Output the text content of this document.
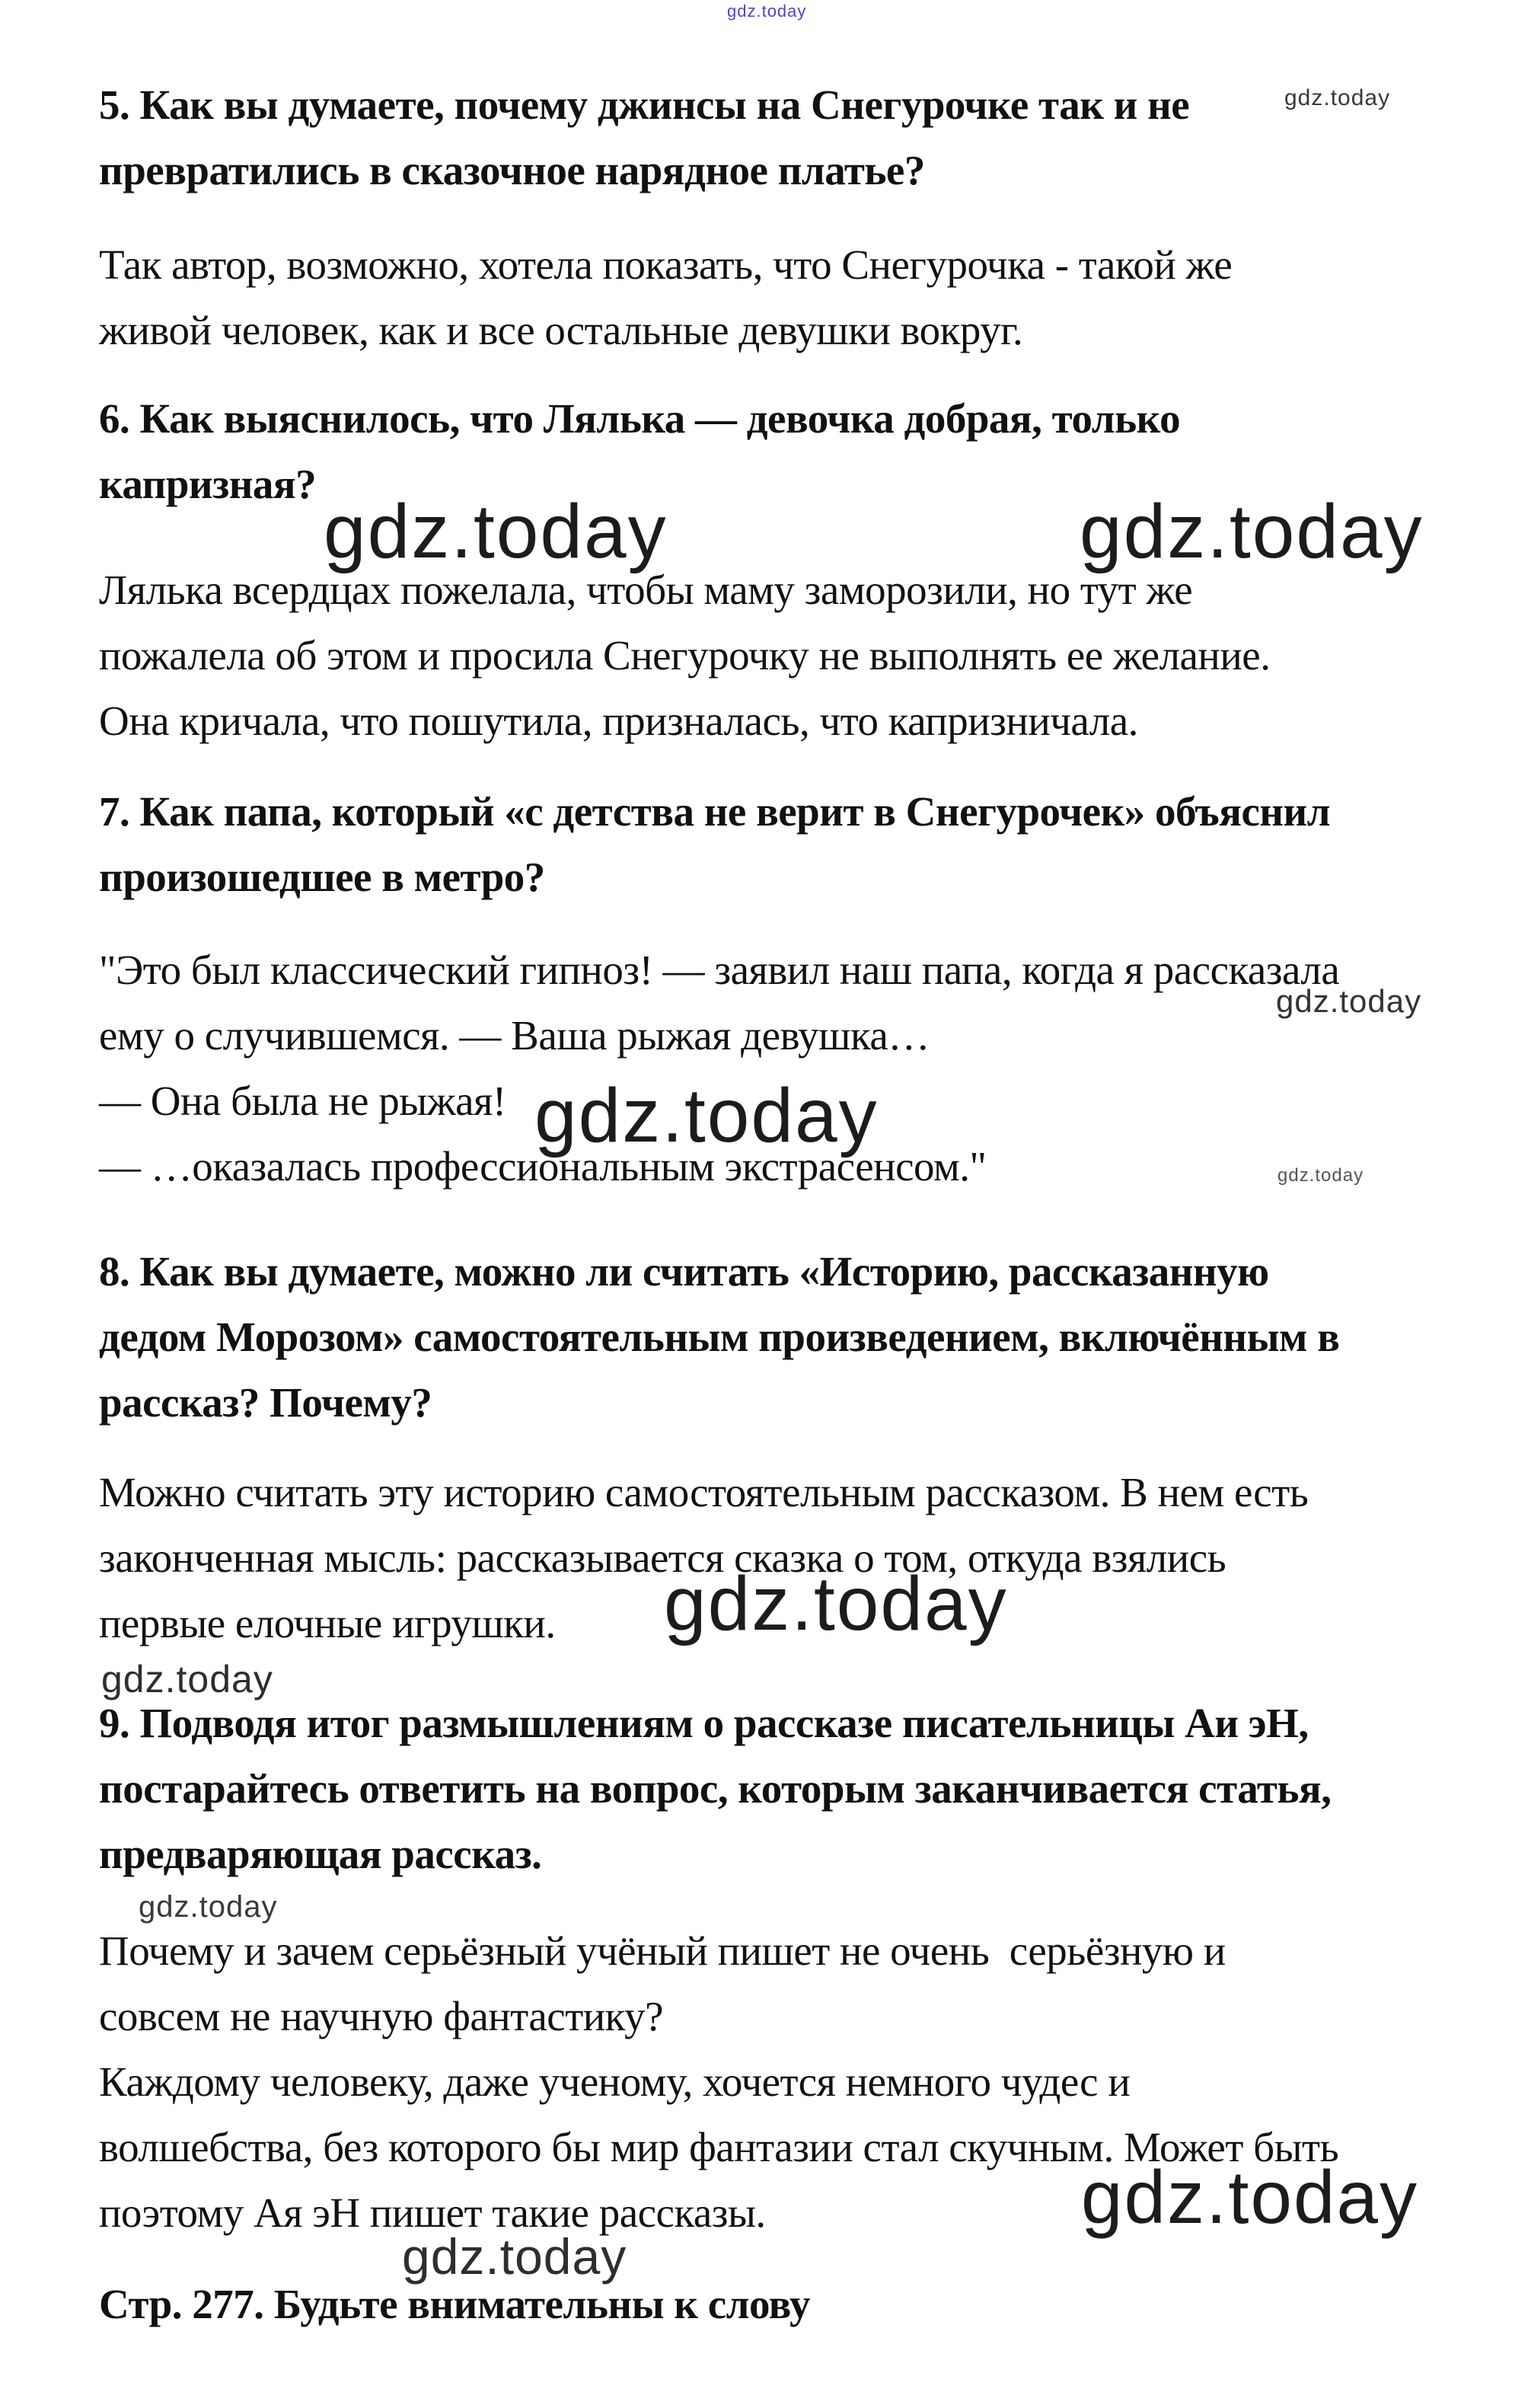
5. Как вы думаете, почему джинсы на Снегурочке так и не
превратились в сказочное нарядное платье?
Так автор, возможно, хотела показать, что Снегурочка - такой же
живой человек, как и все остальные девушки вокруг.
6. Как выяснилось, что Лялька — девочка добрая, только
капризная?
Лялька всердцах пожелала, чтобы маму заморозили, но тут же
пожалела об этом и просила Снегурочку не выполнять ее желание.
Она кричала, что пошутила, призналась, что капризничала.
7. Как папа, который «с детства не верит в Снегурочек» объяснил
произошедшее в метро?
"Это был классический гипноз! — заявил наш папа, когда я рассказала
ему о случившемся. — Ваша рыжая девушка…
— Она была не рыжая!
— …оказалась профессиональным экстрасенсом."
8. Как вы думаете, можно ли считать «Историю, рассказанную
дедом Морозом» самостоятельным произведением, включённым в
рассказ? Почему?
Можно считать эту историю самостоятельным рассказом. В нем есть
законченная мысль: рассказывается сказка о том, откуда взялись
первые елочные игрушки.
9. Подводя итог размышлениям о рассказе писательницы Аи эН,
постарайтесь ответить на вопрос, которым заканчивается статья,
предваряющая рассказ.
Почему и зачем серьёзный учёный пишет не очень  серьёзную и
совсем не научную фантастику?
Каждому человеку, даже ученому, хочется немного чудес и
волшебства, без которого бы мир фантазии стал скучным. Может быть
поэтому Ая эН пишет такие рассказы.
Стр. 277. Будьте внимательны к слову
gdz.today
gdz.today
gdz.today	gdz.today
gdz.today
gdz.today
gdz.today
gdz.today
gdz.today
gdz.today
gdz.today
gdz.today
